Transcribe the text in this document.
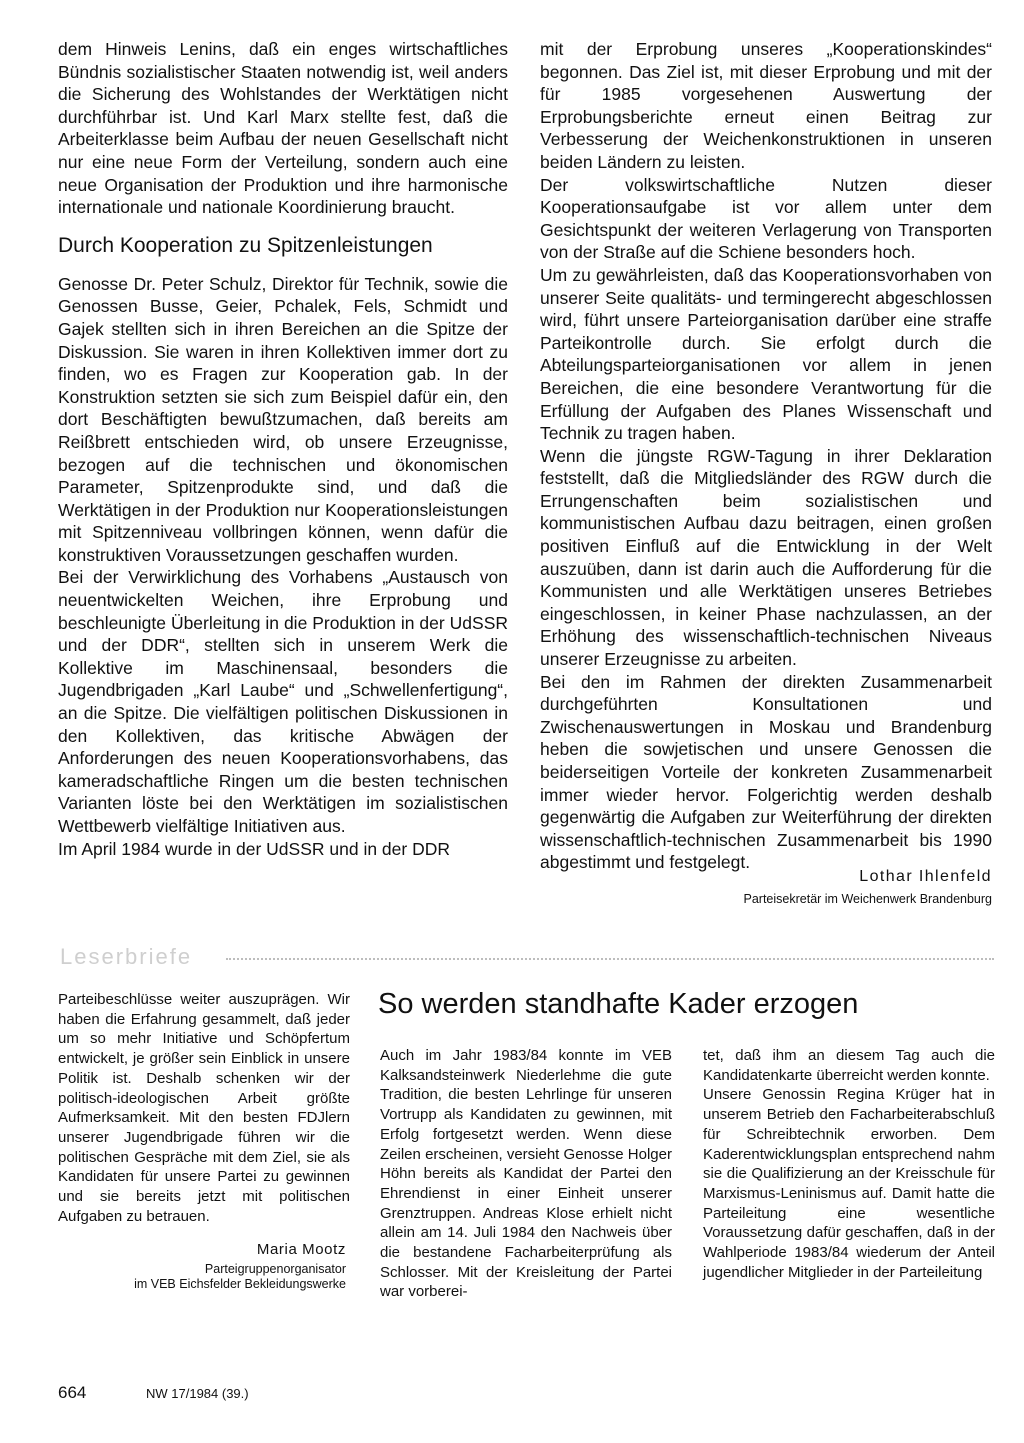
dem Hinweis Lenins, daß ein enges wirtschaftliches Bündnis sozialistischer Staaten notwendig ist, weil anders die Sicherung des Wohlstandes der Werktätigen nicht durchführbar ist. Und Karl Marx stellte fest, daß die Arbeiterklasse beim Aufbau der neuen Gesellschaft nicht nur eine neue Form der Verteilung, sondern auch eine neue Organisation der Produktion und ihre harmonische internationale und nationale Koordinierung braucht.

Durch Kooperation zu Spitzenleistungen

Genosse Dr. Peter Schulz, Direktor für Technik, sowie die Genossen Busse, Geier, Pchalek, Fels, Schmidt und Gajek stellten sich in ihren Bereichen an die Spitze der Diskussion. Sie waren in ihren Kollektiven immer dort zu finden, wo es Fragen zur Kooperation gab. In der Konstruktion setzten sie sich zum Beispiel dafür ein, den dort Beschäftigten bewußtzumachen, daß bereits am Reißbrett entschieden wird, ob unsere Erzeugnisse, bezogen auf die technischen und ökonomischen Parameter, Spitzenprodukte sind, und daß die Werktätigen in der Produktion nur Kooperationsleistungen mit Spitzenniveau vollbringen können, wenn dafür die konstruktiven Voraussetzungen geschaffen wurden.

Bei der Verwirklichung des Vorhabens „Austausch von neuentwickelten Weichen, ihre Erprobung und beschleunigte Überleitung in die Produktion in der UdSSR und der DDR“, stellten sich in unserem Werk die Kollektive im Maschinensaal, besonders die Jugendbrigaden „Karl Laube“ und „Schwellenfertigung“, an die Spitze. Die vielfältigen politischen Diskussionen in den Kollektiven, das kritische Abwägen der Anforderungen des neuen Kooperationsvorhabens, das kameradschaftliche Ringen um die besten technischen Varianten löste bei den Werktätigen im sozialistischen Wettbewerb vielfältige Initiativen aus.

Im April 1984 wurde in der UdSSR und in der DDR

mit der Erprobung unseres „Kooperationskindes“ begonnen. Das Ziel ist, mit dieser Erprobung und mit der für 1985 vorgesehenen Auswertung der Erprobungsberichte erneut einen Beitrag zur Verbesserung der Weichenkonstruktionen in unseren beiden Ländern zu leisten.

Der volkswirtschaftliche Nutzen dieser Kooperationsaufgabe ist vor allem unter dem Gesichtspunkt der weiteren Verlagerung von Transporten von der Straße auf die Schiene besonders hoch.

Um zu gewährleisten, daß das Kooperationsvorhaben von unserer Seite qualitäts- und termingerecht abgeschlossen wird, führt unsere Parteiorganisation darüber eine straffe Parteikontrolle durch. Sie erfolgt durch die Abteilungsparteiorganisationen vor allem in jenen Bereichen, die eine besondere Verantwortung für die Erfüllung der Aufgaben des Planes Wissenschaft und Technik zu tragen haben.

Wenn die jüngste RGW-Tagung in ihrer Deklaration feststellt, daß die Mitgliedsländer des RGW durch die Errungenschaften beim sozialistischen und kommunistischen Aufbau dazu beitragen, einen großen positiven Einfluß auf die Entwicklung in der Welt auszuüben, dann ist darin auch die Aufforderung für die Kommunisten und alle Werktätigen unseres Betriebes eingeschlossen, in keiner Phase nachzulassen, an der Erhöhung des wissenschaftlich-technischen Niveaus unserer Erzeugnisse zu arbeiten.

Bei den im Rahmen der direkten Zusammenarbeit durchgeführten Konsultationen und Zwischenauswertungen in Moskau und Brandenburg heben die sowjetischen und unsere Genossen die beiderseitigen Vorteile der konkreten Zusammenarbeit immer wieder hervor. Folgerichtig werden deshalb gegenwärtig die Aufgaben zur Weiterführung der direkten wissenschaftlich-technischen Zusammenarbeit bis 1990 abgestimmt und festgelegt.

Lothar Ihlenfeld
Parteisekretär im Weichenwerk Brandenburg
Leserbriefe

Parteibeschlüsse weiter auszuprägen. Wir haben die Erfahrung gesammelt, daß jeder um so mehr Initiative und Schöpfertum entwickelt, je größer sein Einblick in unsere Politik ist. Deshalb schenken wir der politisch-ideologischen Arbeit größte Aufmerksamkeit. Mit den besten FDJlern unserer Jugendbrigade führen wir die politischen Gespräche mit dem Ziel, sie als Kandidaten für unsere Partei zu gewinnen und sie bereits jetzt mit politischen Aufgaben zu betrauen.

Maria Mootz
Parteigruppenorganisator
im VEB Eichsfelder Bekleidungswerke
So werden standhafte Kader erzogen

Auch im Jahr 1983/84 konnte im VEB Kalksandsteinwerk Niederlehme die gute Tradition, die besten Lehrlinge für unseren Vortrupp als Kandidaten zu gewinnen, mit Erfolg fortgesetzt werden. Wenn diese Zeilen erscheinen, versieht Genosse Holger Höhn bereits als Kandidat der Partei den Ehrendienst in einer Einheit unserer Grenztruppen. Andreas Klose erhielt nicht allein am 14. Juli 1984 den Nachweis über die bestandene Facharbeiterprüfung als Schlosser. Mit der Kreisleitung der Partei war vorberei-

tet, daß ihm an diesem Tag auch die Kandidatenkarte überreicht werden konnte.

Unsere Genossin Regina Krüger hat in unserem Betrieb den Facharbeiterabschluß für Schreibtechnik erworben. Dem Kaderentwicklungsplan entsprechend nahm sie die Qualifizierung an der Kreisschule für Marxismus-Leninismus auf. Damit hatte die Parteileitung eine wesentliche Voraussetzung dafür geschaffen, daß in der Wahlperiode 1983/84 wiederum der Anteil jugendlicher Mitglieder in der Parteileitung

664	NW 17/1984 (39.)
